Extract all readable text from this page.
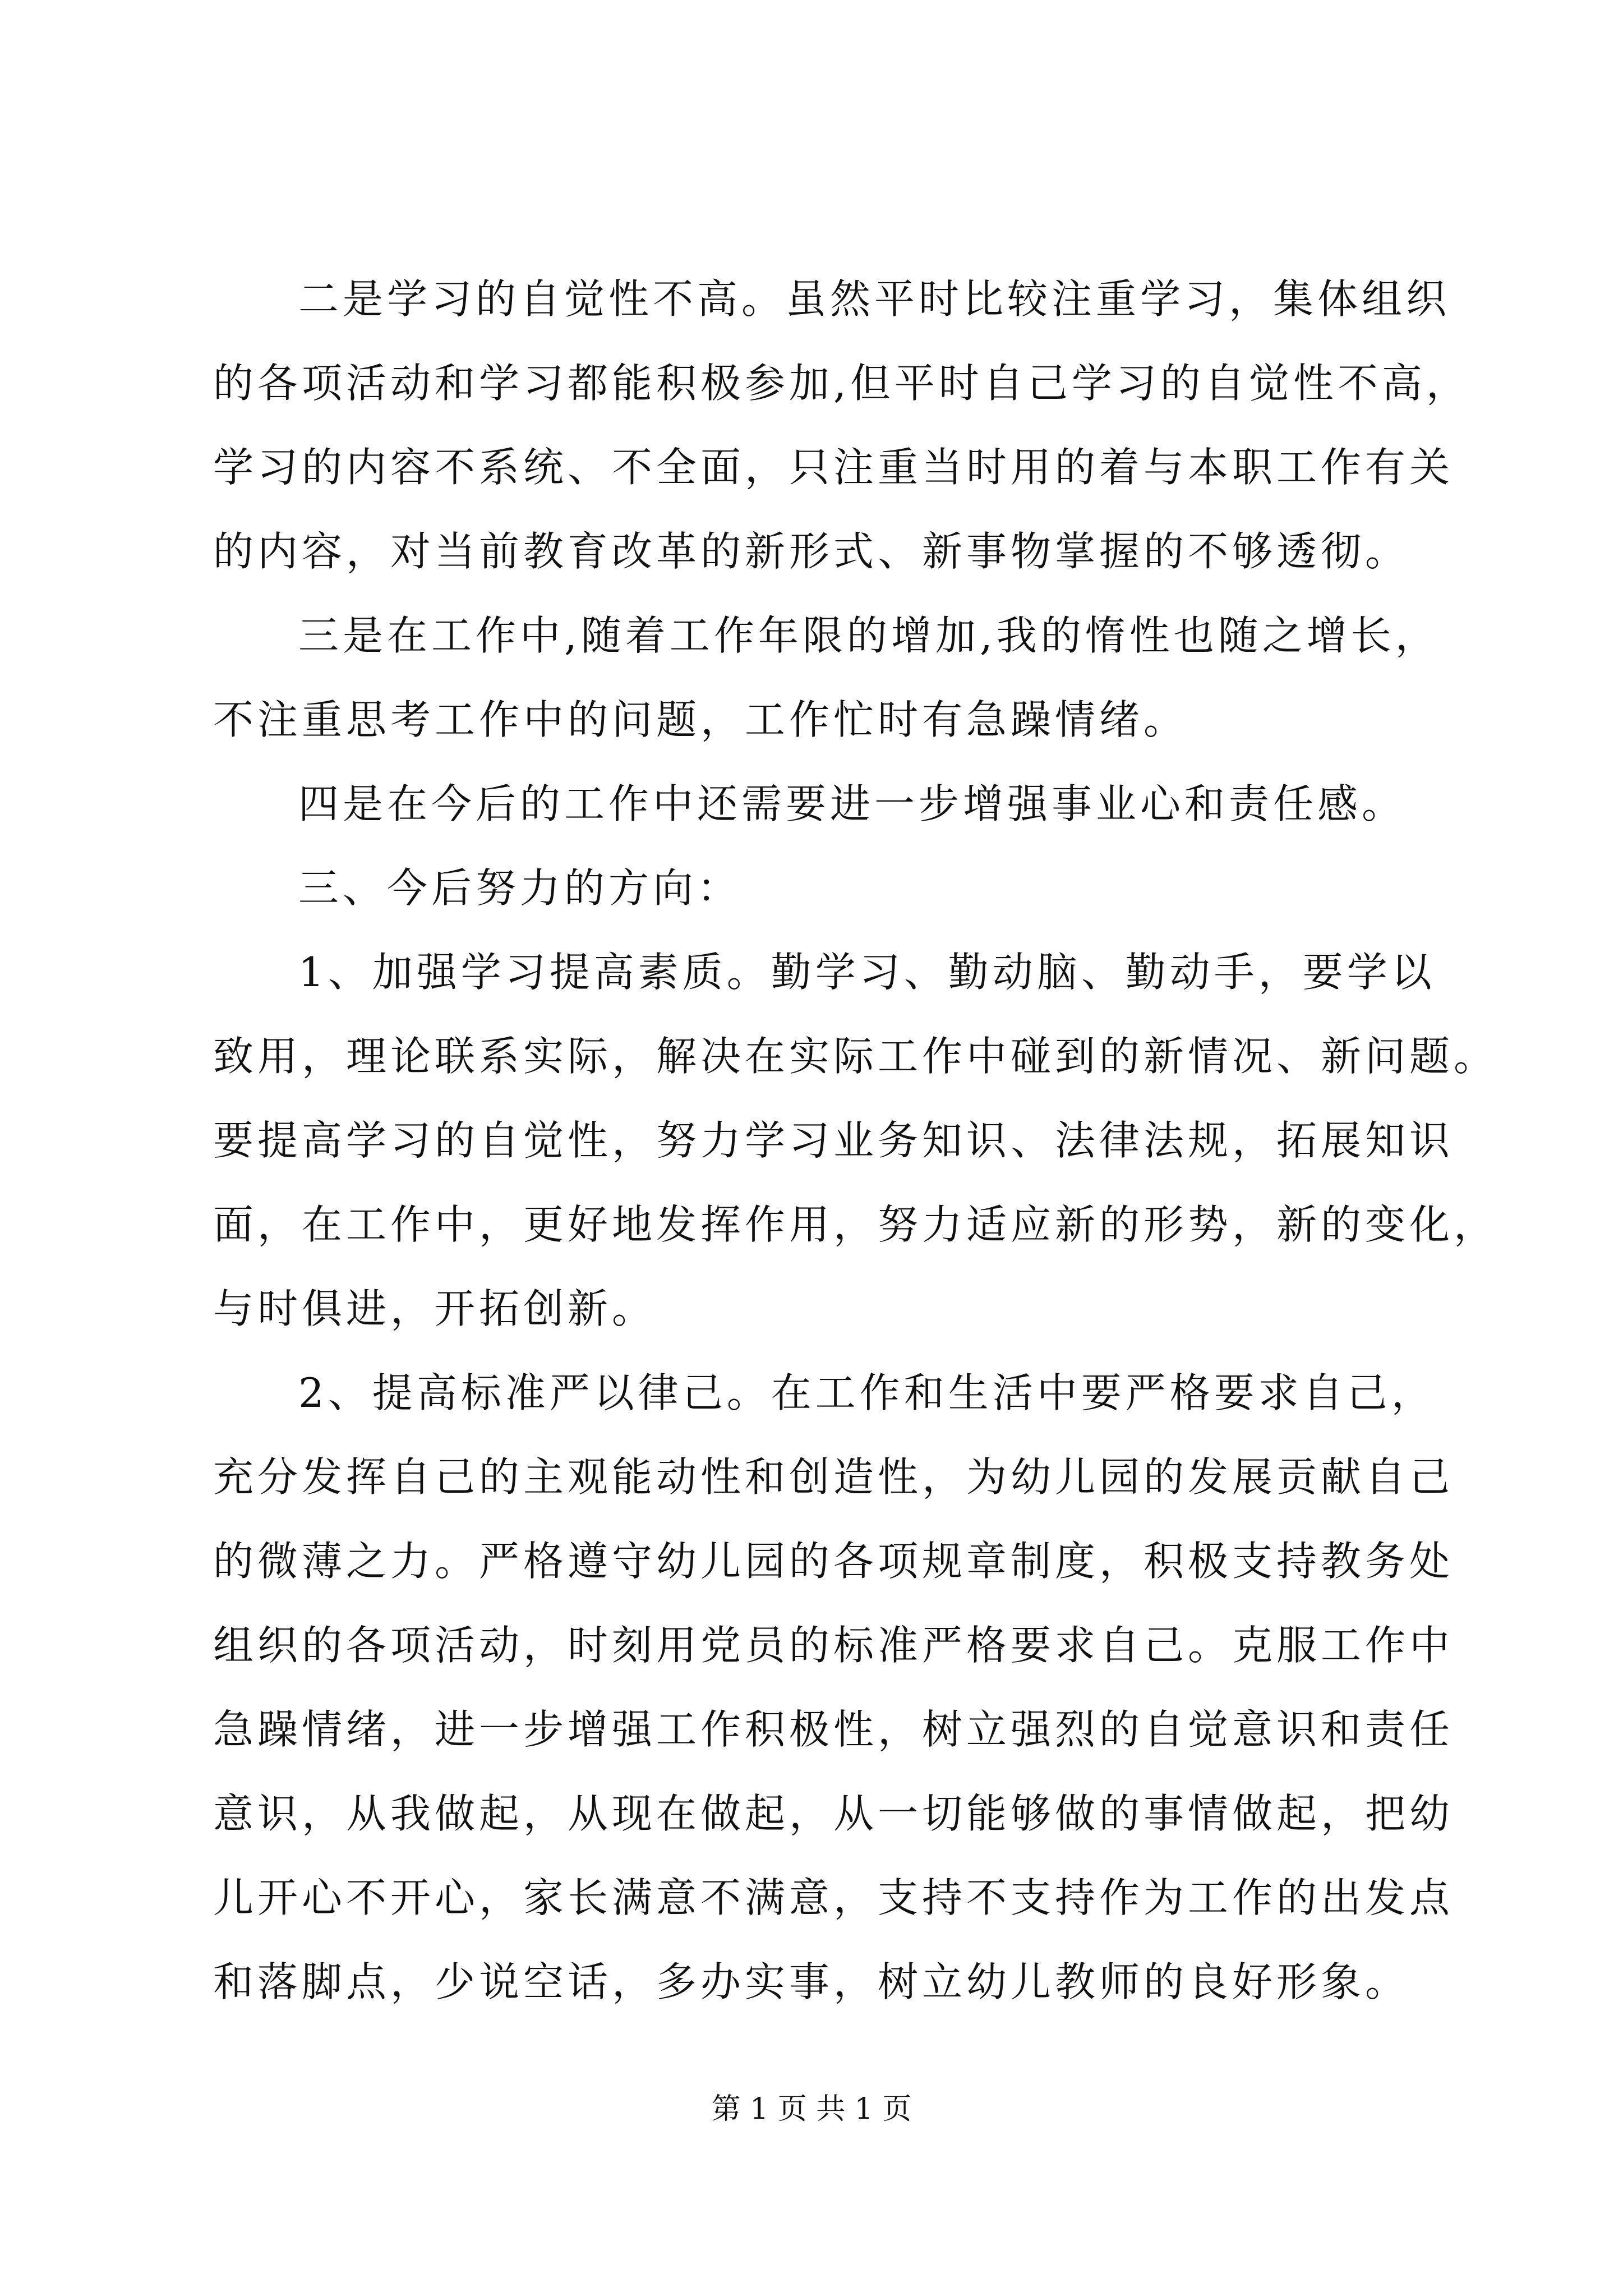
二是学习的自觉性不高。虽然平时比较注重学习，集体组织
的各项活动和学习都能积极参加,但平时自己学习的自觉性不高，
学习的内容不系统、不全面，只注重当时用的着与本职工作有关
的内容，对当前教育改革的新形式、新事物掌握的不够透彻。
三是在工作中,随着工作年限的增加,我的惰性也随之增长，
不注重思考工作中的问题，工作忙时有急躁情绪。
四是在今后的工作中还需要进一步增强事业心和责任感。
三、今后努力的方向：
1、加强学习提高素质。勤学习、勤动脑、勤动手，要学以
致用，理论联系实际，解决在实际工作中碰到的新情况、新问题。
要提高学习的自觉性，努力学习业务知识、法律法规，拓展知识
面，在工作中，更好地发挥作用，努力适应新的形势，新的变化，
与时俱进，开拓创新。
2、提高标准严以律己。在工作和生活中要严格要求自己，
充分发挥自己的主观能动性和创造性，为幼儿园的发展贡献自己
的微薄之力。严格遵守幼儿园的各项规章制度，积极支持教务处
组织的各项活动，时刻用党员的标准严格要求自己。克服工作中
急躁情绪，进一步增强工作积极性，树立强烈的自觉意识和责任
意识，从我做起，从现在做起，从一切能够做的事情做起，把幼
儿开心不开心，家长满意不满意，支持不支持作为工作的出发点
和落脚点，少说空话，多办实事，树立幼儿教师的良好形象。
第 1 页 共 1 页
